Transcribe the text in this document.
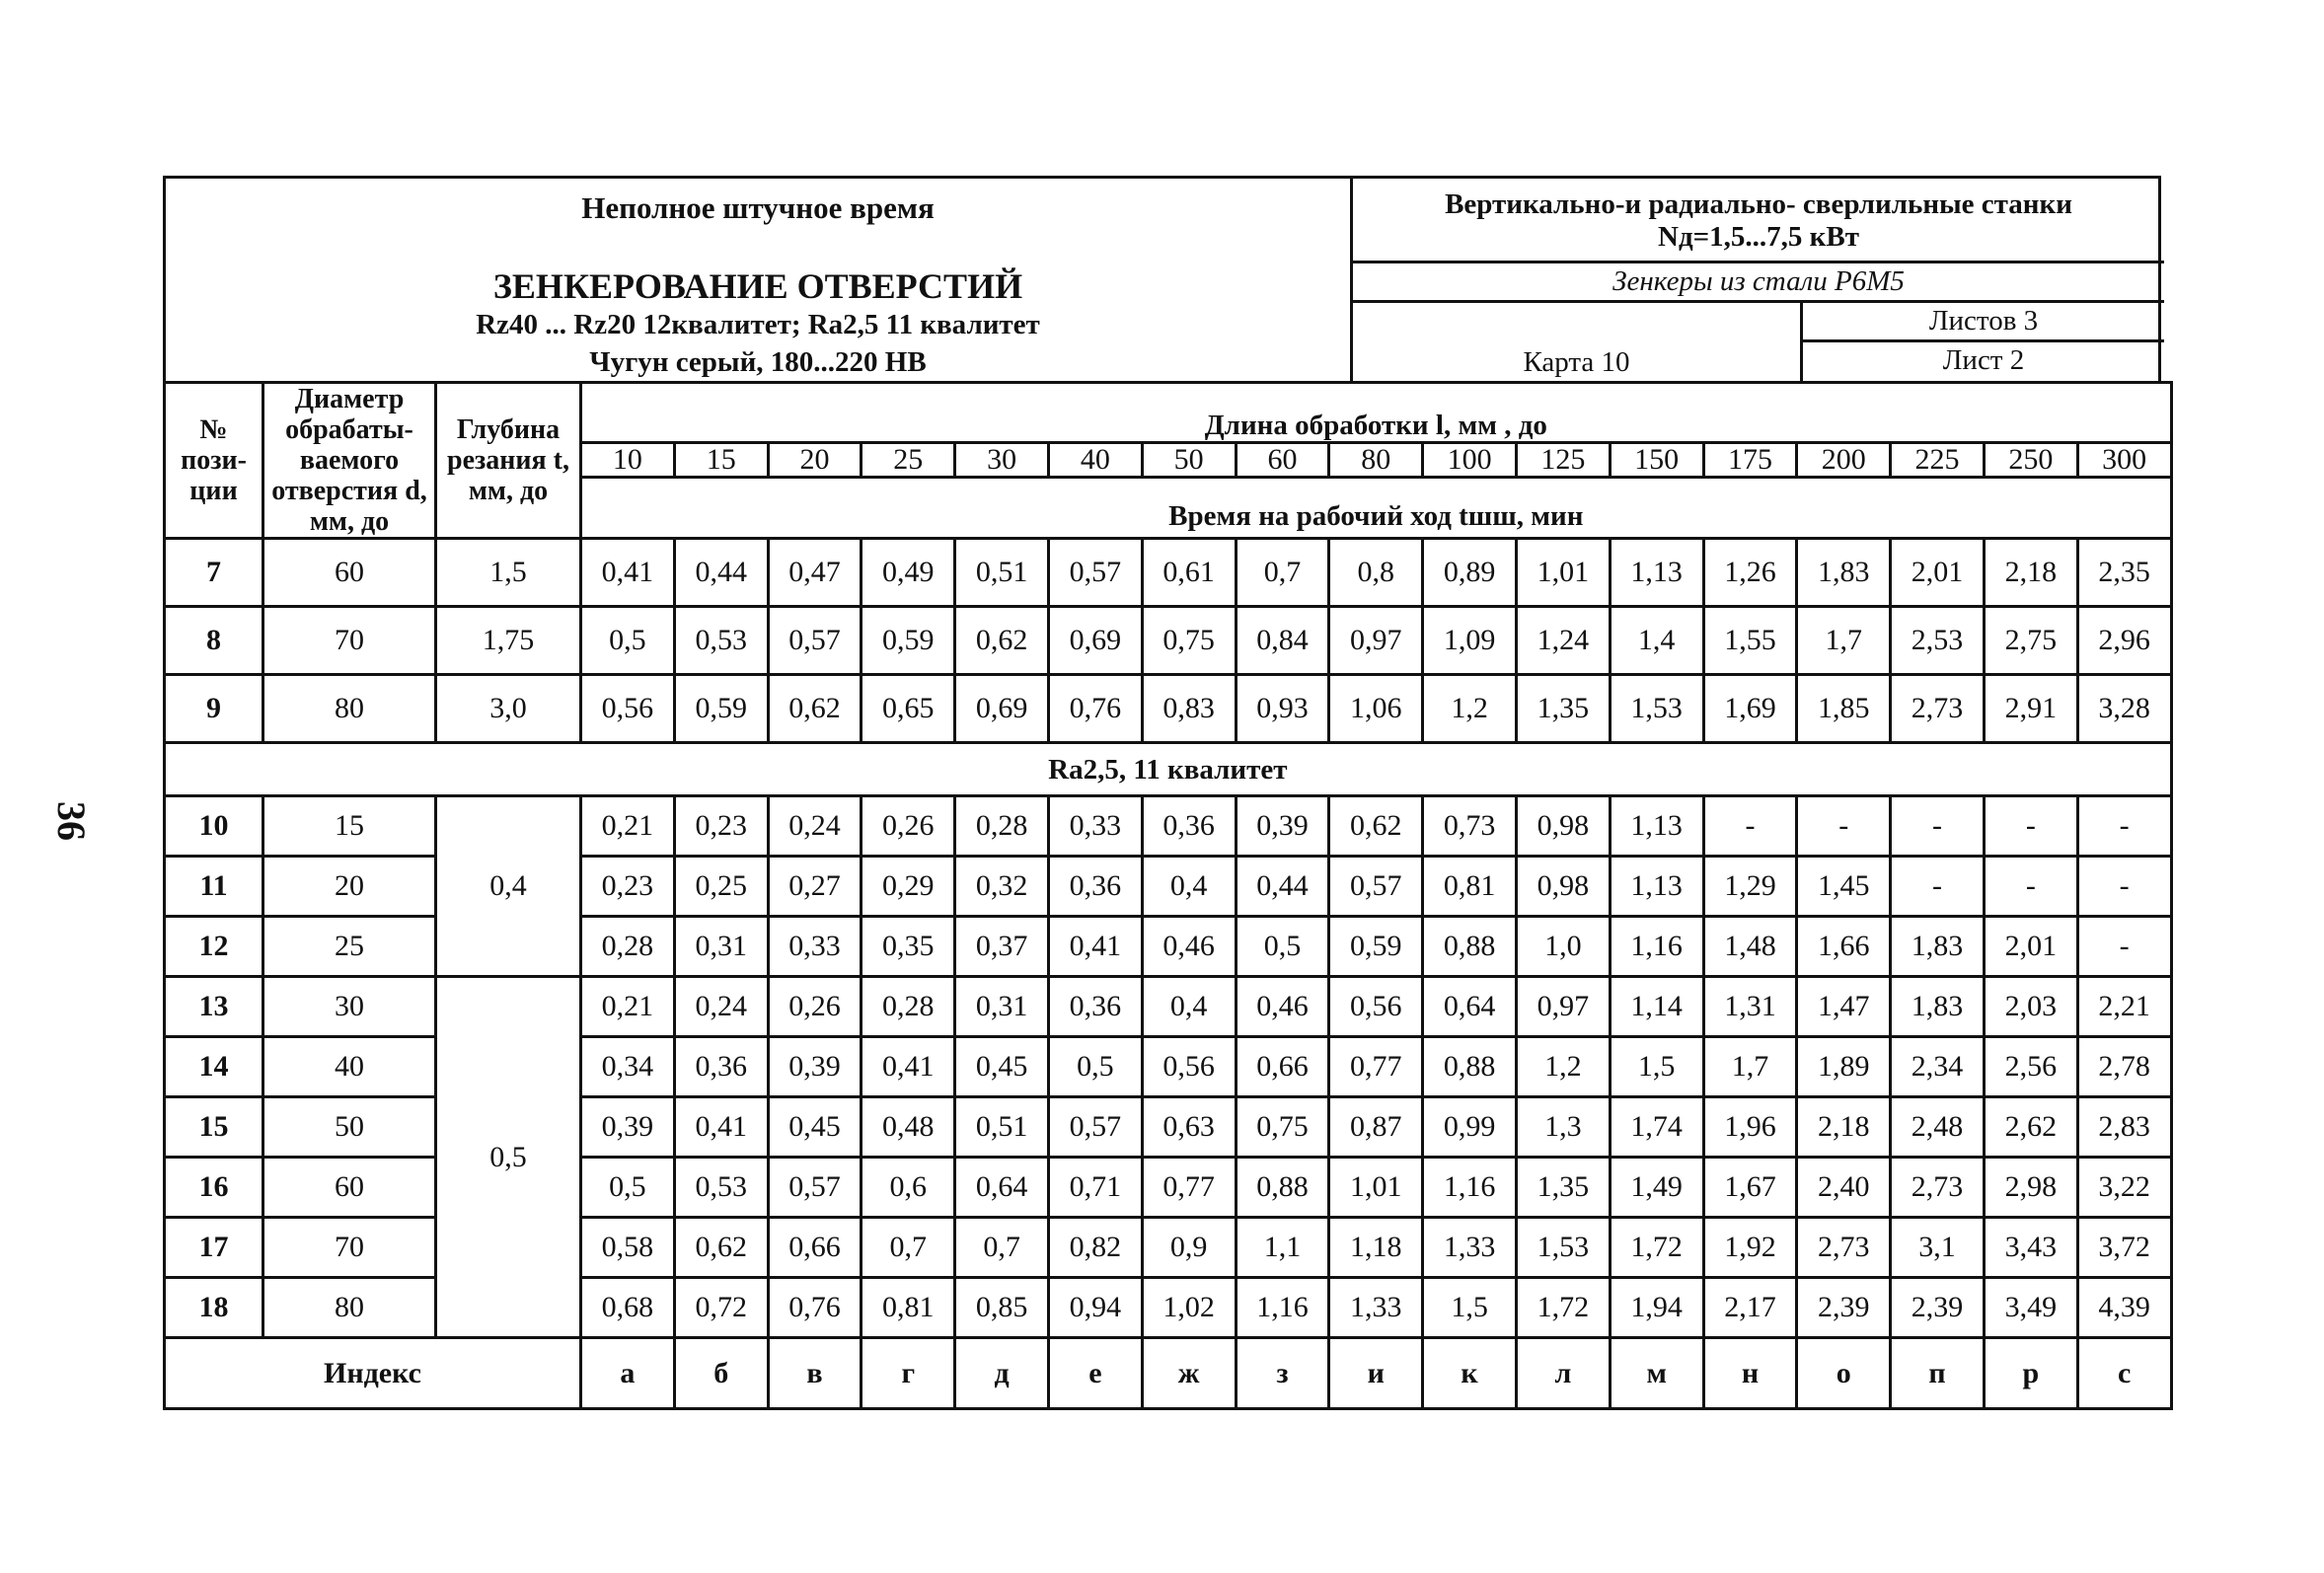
36
Неполное штучное время
ЗЕНКЕРОВАНИЕ ОТВЕРСТИЙ
Rz40 ... Rz20 12квалитет; Ra2,5 11 квалитет
Чугун серый, 180...220 НВ
Вертикально-и радиально- сверлильные станки
Nд=1,5...7,5 кВт
Зенкеры из стали Р6М5
Карта 10
Листов 3
Лист 2
№ пози-ции	Диаметр обрабаты-ваемого отверстия d, мм, до	Глубина резания t, мм, до	Длина обработки l, мм , до																
			10	15	20	25	30	40	50	60	80	100	125	150	175	200	225	250	300

			Время на рабочий ход tшш, мин																
7	60	1,5	0,41	0,44	0,47	0,49	0,51	0,57	0,61	0,7	0,8	0,89	1,01	1,13	1,26	1,83	2,01	2,18	2,35
8	70	1,75	0,5	0,53	0,57	0,59	0,62	0,69	0,75	0,84	0,97	1,09	1,24	1,4	1,55	1,7	2,53	2,75	2,96
9	80	3,0	0,56	0,59	0,62	0,65	0,69	0,76	0,83	0,93	1,06	1,2	1,35	1,53	1,69	1,85	2,73	2,91	3,28
Ra2,5, 11 квалитет																			
10	15	0,4	0,21	0,23	0,24	0,26	0,28	0,33	0,36	0,39	0,62	0,73	0,98	1,13	-	-	-	-	-
11	20		0,23	0,25	0,27	0,29	0,32	0,36	0,4	0,44	0,57	0,81	0,98	1,13	1,29	1,45	-	-	-
12	25		0,28	0,31	0,33	0,35	0,37	0,41	0,46	0,5	0,59	0,88	1,0	1,16	1,48	1,66	1,83	2,01	-
13	30	0,5	0,21	0,24	0,26	0,28	0,31	0,36	0,4	0,46	0,56	0,64	0,97	1,14	1,31	1,47	1,83	2,03	2,21
14	40		0,34	0,36	0,39	0,41	0,45	0,5	0,56	0,66	0,77	0,88	1,2	1,5	1,7	1,89	2,34	2,56	2,78
15	50		0,39	0,41	0,45	0,48	0,51	0,57	0,63	0,75	0,87	0,99	1,3	1,74	1,96	2,18	2,48	2,62	2,83
16	60		0,5	0,53	0,57	0,6	0,64	0,71	0,77	0,88	1,01	1,16	1,35	1,49	1,67	2,40	2,73	2,98	3,22
17	70		0,58	0,62	0,66	0,7	0,7	0,82	0,9	1,1	1,18	1,33	1,53	1,72	1,92	2,73	3,1	3,43	3,72
18	80		0,68	0,72	0,76	0,81	0,85	0,94	1,02	1,16	1,33	1,5	1,72	1,94	2,17	2,39	2,39	3,49	4,39
Индекс			а	б	в	г	д	е	ж	з	и	к	л	м	н	о	п	р	с
